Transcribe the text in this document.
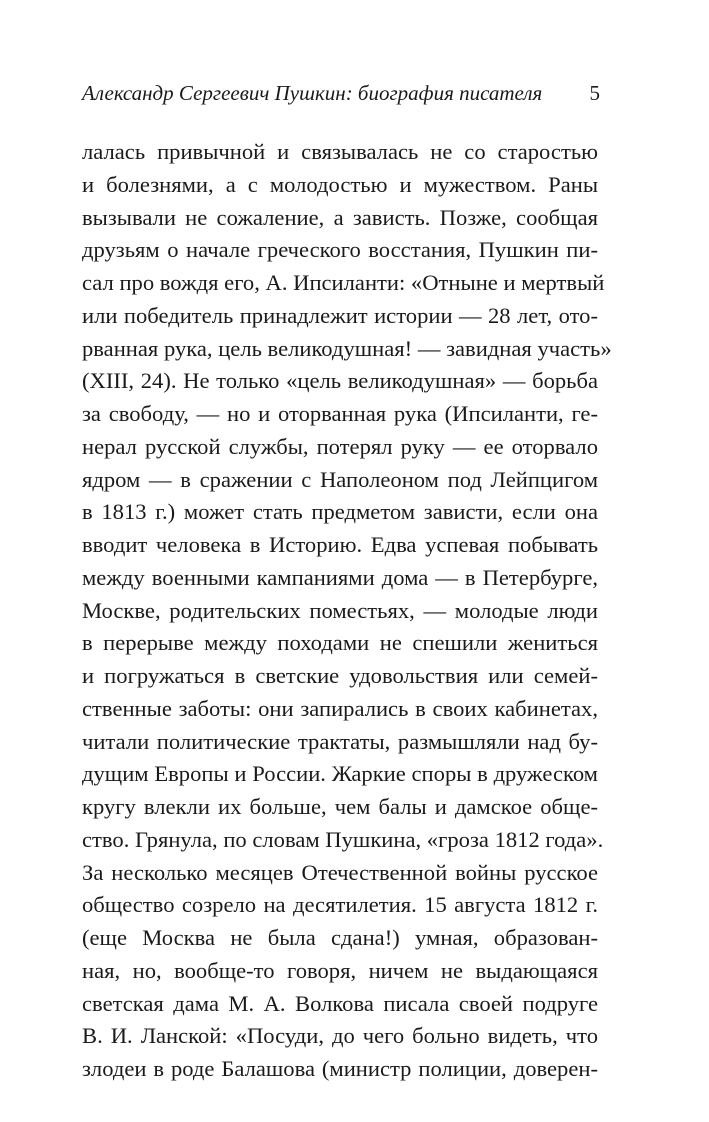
Александр Сергеевич Пушкин: биография писателя	5
лалась привычной и связывалась не со старостью
и болезнями, а с молодостью и мужеством. Раны
вызывали не сожаление, а зависть. Позже, сообщая
друзьям о начале греческого восстания, Пушкин пи-
сал про вождя его, А. Ипсиланти: «Отныне и мертвый
или победитель принадлежит истории — 28 лет, ото-
рванная рука, цель великодушная! — завидная участь»
(XIII, 24). Не только «цель великодушная» — борьба
за свободу, — но и оторванная рука (Ипсиланти, ге-
нерал русской службы, потерял руку — ее оторвало
ядром — в сражении с Наполеоном под Лейпцигом
в 1813 г.) может стать предметом зависти, если она
вводит человека в Историю. Едва успевая побывать
между военными кампаниями дома — в Петербурге,
Москве, родительских поместьях, — молодые люди
в перерыве между походами не спешили жениться
и погружаться в светские удовольствия или семей-
ственные заботы: они запирались в своих кабинетах,
читали политические трактаты, размышляли над бу-
дущим Европы и России. Жаркие споры в дружеском
кругу влекли их больше, чем балы и дамское обще-
ство. Грянула, по словам Пушкина, «гроза 1812 года».
За несколько месяцев Отечественной войны русское
общество созрело на десятилетия. 15 августа 1812 г.
(еще Москва не была сдана!) умная, образован-
ная, но, вообще-то говоря, ничем не выдающаяся
светская дама М. А. Волкова писала своей подруге
В. И. Ланской: «Посуди, до чего больно видеть, что
злодеи в роде Балашова (министр полиции, доверен-
